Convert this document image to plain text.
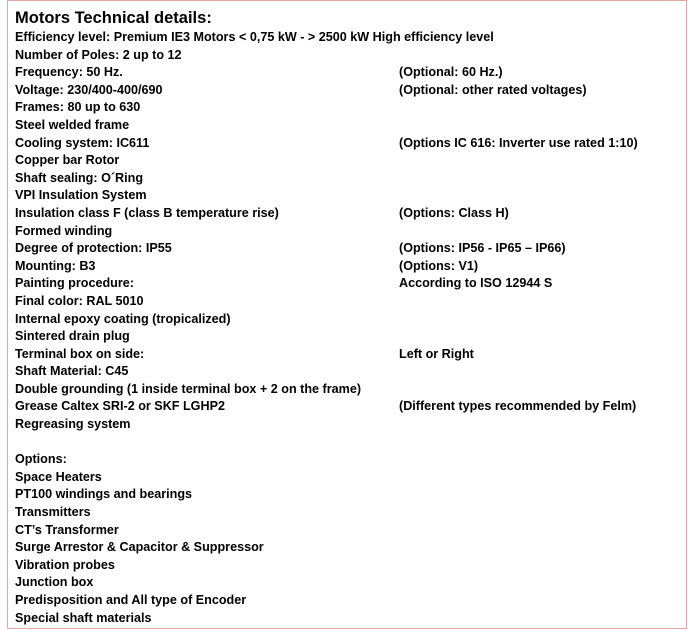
Motors Technical details:
Efficiency level: Premium IE3 Motors < 0,75 kW - > 2500 kW High efficiency level
Number of Poles: 2 up to 12
Frequency: 50 Hz.	(Optional: 60 Hz.)
Voltage: 230/400-400/690	(Optional: other rated voltages)
Frames: 80 up to 630
Steel welded frame
Cooling system: IC611	(Options IC 616: Inverter use rated 1:10)
Copper bar Rotor
Shaft sealing: O´Ring
VPI Insulation System
Insulation class F (class B temperature rise)	(Options: Class H)
Formed winding
Degree of protection: IP55	(Options: IP56 - IP65 – IP66)
Mounting: B3	(Options: V1)
Painting procedure:	According to ISO 12944 S
Final color: RAL 5010
Internal epoxy coating (tropicalized)
Sintered drain plug
Terminal box on side:	Left or Right
Shaft Material: C45
Double grounding (1 inside terminal box + 2 on the frame)
Grease Caltex SRI-2 or SKF LGHP2	(Different types recommended by Felm)
Regreasing system
Options:
Space Heaters
PT100 windings and bearings
Transmitters
CT’s Transformer
Surge Arrestor & Capacitor & Suppressor
Vibration probes
Junction box
Predisposition and All type of Encoder
Special shaft materials
